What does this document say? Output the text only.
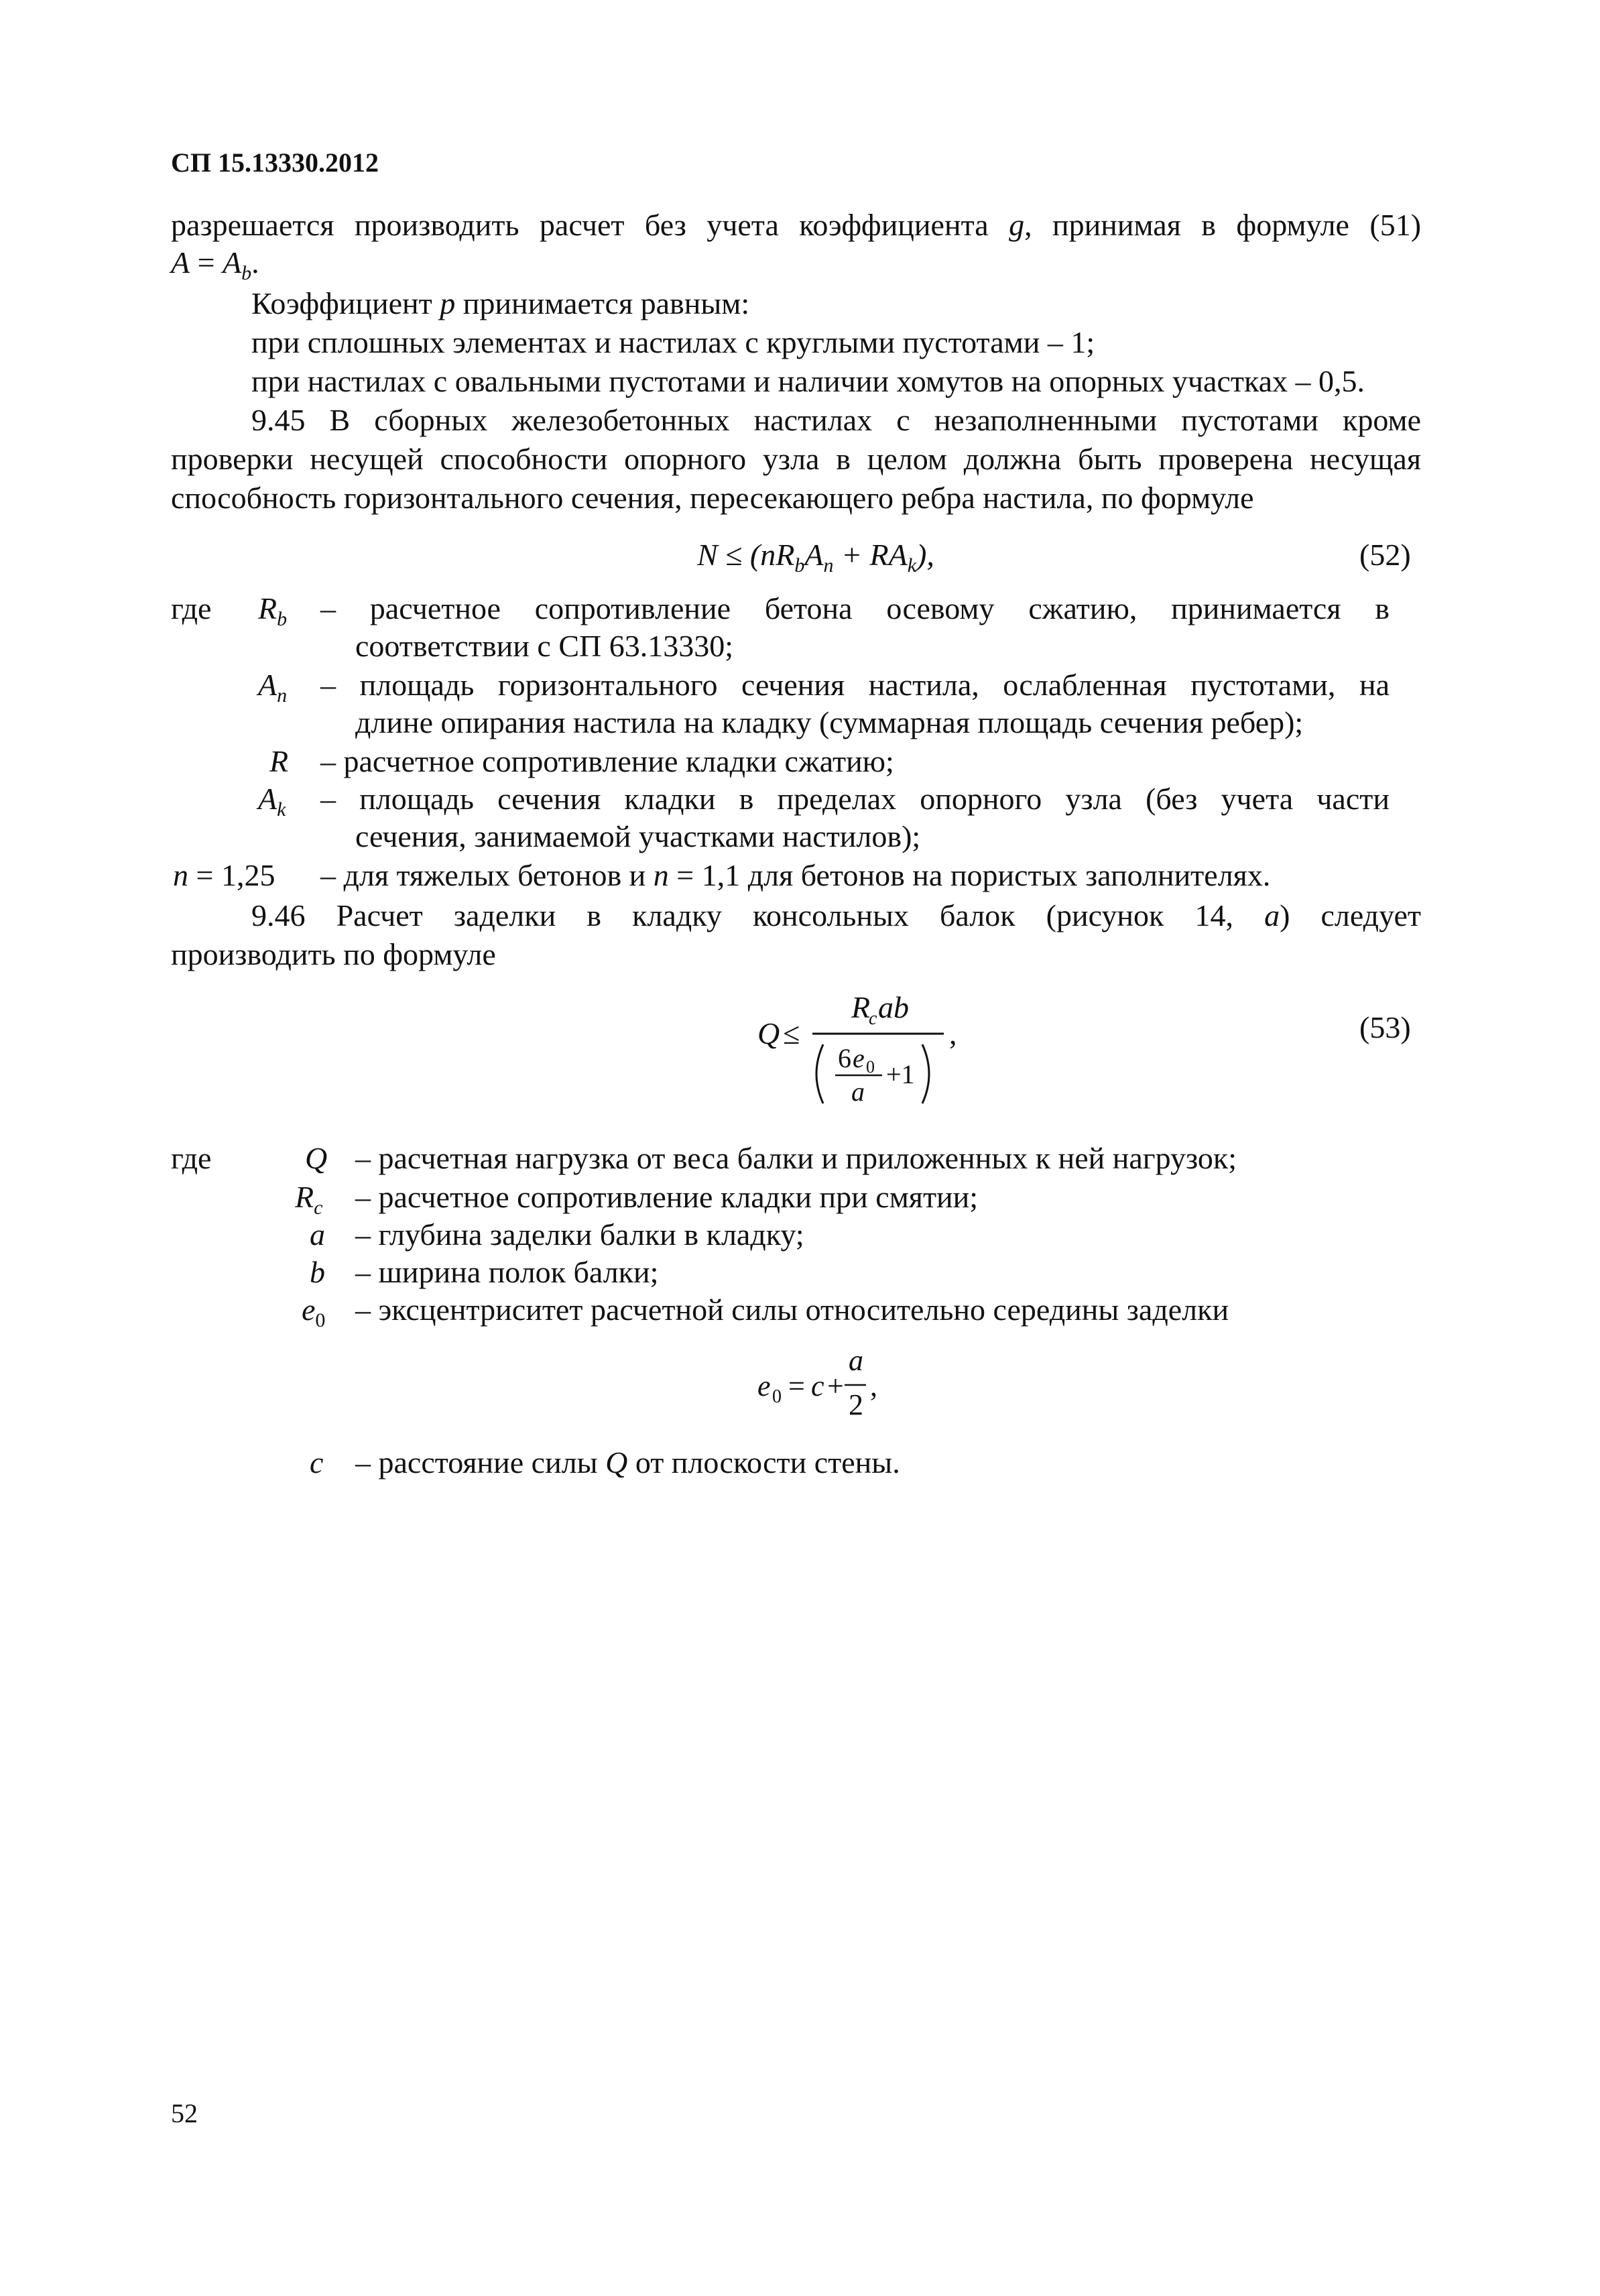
СП 15.13330.2012
разрешается производить расчет без учета коэффициента g, принимая в формуле (51)
$A = A_b$.
Коэффициент p принимается равным:
при сплошных элементах и настилах с круглыми пустотами – 1;
при настилах с овальными пустотами и наличии хомутов на опорных участках – 0,5.
9.45 В сборных железобетонных настилах с незаполненными пустотами кроме
проверки несущей способности опорного узла в целом должна быть проверена несущая
способность горизонтального сечения, пересекающего ребра настила, по формуле
$N \le (nR_bA_n + RA_k)$,	(52)
где $R_b$ – расчетное сопротивление бетона осевому сжатию, принимается в
соответствии с СП 63.13330;
$A_n$ – площадь горизонтального сечения настила, ослабленная пустотами, на
длине опирания настила на кладку (суммарная площадь сечения ребер);
R – расчетное сопротивление кладки сжатию;
$A_k$ – площадь сечения кладки в пределах опорного узла (без учета части
сечения, занимаемой участками настилов);
n = 1,25 – для тяжелых бетонов и n = 1,1 для бетонов на пористых заполнителях.
9.46 Расчет заделки в кладку консольных балок (рисунок 14, a) следует
производить по формуле
Q ≤
R
c ab
6 e 0
a
+1
,	(53)
где	Q – расчетная нагрузка от веса балки и приложенных к ней нагрузок;
$R_c$ – расчетное сопротивление кладки при смятии;
a – глубина заделки балки в кладку;
b – ширина полок балки;
$e_0$ – эксцентриситет расчетной силы относительно середины заделки
e 0 = c +
a
2
,
c – расстояние силы Q от плоскости стены.
52
